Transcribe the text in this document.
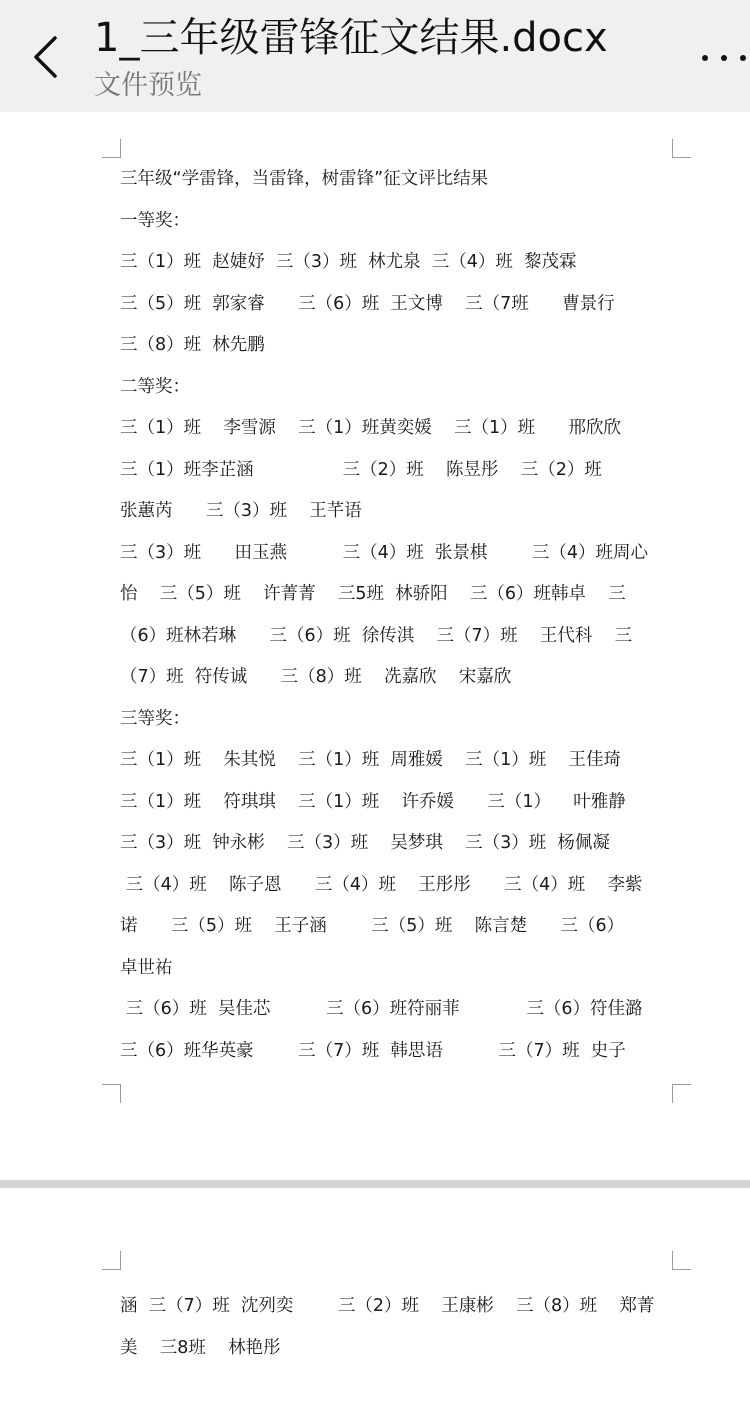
1_三年级雷锋征文结果.docx
文件预览
三年级“学雷锋，当雷锋，树雷锋”征文评比结果
一等奖：
三（1）班  赵婕妤  三（3）班  林尤泉  三（4）班  黎茂霖
三（5）班  郭家睿      三（6）班  王文博    三（7班      曹景行
三（8）班  林先鹏
二等奖：
三（1）班    李雪源    三（1）班黄奕媛    三（1）班      邢欣欣
三（1）班李芷涵                三（2）班    陈昱彤    三（2）班
张蕙芮      三（3）班    王芊语
三（3）班      田玉燕          三（4）班  张景棋        三（4）班周心
怡    三（5）班    许菁菁    三5班  林骄阳    三（6）班韩卓    三
（6）班林若琳      三（6）班  徐传淇    三（7）班    王代科    三
（7）班  符传诚      三（8）班    冼嘉欣    宋嘉欣
三等奖：
三（1）班    朱其悦    三（1）班  周雅媛    三（1）班    王佳琦
三（1）班    符琪琪    三（1）班    许乔媛      三（1）    叶雅静
三（3）班  钟永彬    三（3）班    吴梦琪    三（3）班  杨佩凝
三（4）班    陈子恩      三（4）班    王彤彤      三（4）班    李紫
诺      三（5）班    王子涵        三（5）班    陈言楚      三（6）
卓世祐
三（6）班  吴佳芯          三（6）班符丽菲            三（6）符佳潞
三（6）班华英豪        三（7）班  韩思语          三（7）班  史子
涵  三（7）班  沈列奕        三（2）班    王康彬    三（8）班    郑菁
美    三8班    林艳彤
